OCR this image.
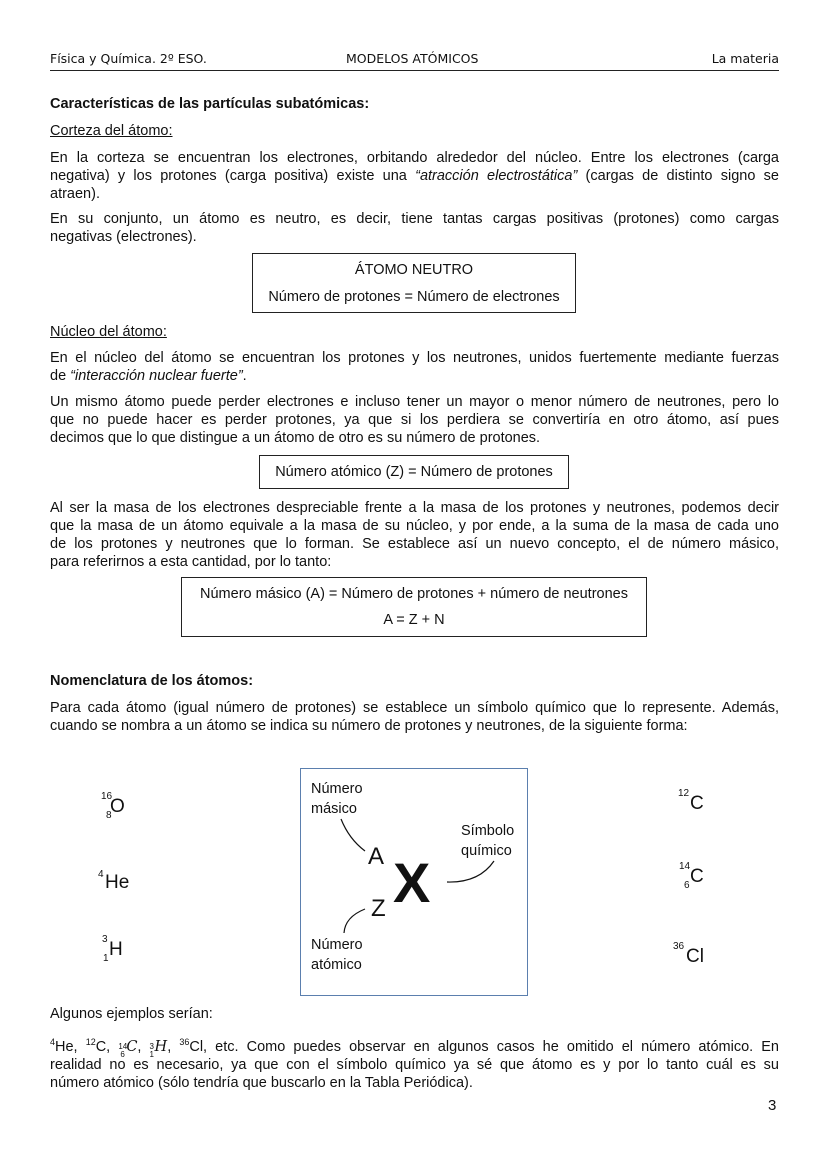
Física y Química. 2º ESO.	MODELOS ATÓMICOS	La materia
Características de las partículas subatómicas:
Corteza del átomo:
En la corteza se encuentran los electrones, orbitando alrededor del núcleo. Entre los electrones (carga
negativa) y los protones (carga positiva) existe una “atracción electrostática” (cargas de distinto signo se
atraen).
En su conjunto, un átomo es neutro, es decir, tiene tantas cargas positivas (protones) como cargas
negativas (electrones).
ÁTOMO NEUTRO
Número de protones = Número de electrones
Núcleo del átomo:
En el núcleo del átomo se encuentran los protones y los neutrones, unidos fuertemente mediante fuerzas
de “interacción nuclear fuerte”.
Un mismo átomo puede perder electrones e incluso tener un mayor o menor número de neutrones, pero lo
que no puede hacer es perder protones, ya que si los perdiera se convertiría en otro átomo, así pues
decimos que lo que distingue a un átomo de otro es su número de protones.
Número atómico (Z) = Número de protones
Al ser la masa de los electrones despreciable frente a la masa de los protones y neutrones, podemos decir
que la masa de un átomo equivale a la masa de su núcleo, y por ende, a la suma de la masa de cada uno
de los protones y neutrones que lo forman. Se establece así un nuevo concepto, el de número másico,
para referirnos a esta cantidad, por lo tanto:
Número másico (A) = Número de protones + número de neutrones
A = Z + N
Nomenclatura de los átomos:
Para cada átomo (igual número de protones) se establece un símbolo químico que lo represente. Además,
cuando se nombra a un átomo se indica su número de protones y neutrones, de la siguiente forma:
16
8
O
4 He
3
1 H
Número
másico
Símbolo
químico
Número
atómico
A
Z X
12 C
14
6 C
36 Cl
Algunos ejemplos serían:
$^4$He, $^{12}$C, 14
6 C, 3
1 H, $^{36}$Cl, etc. Como puedes observar en algunos casos he omitido el número atómico. En
realidad no es necesario, ya que con el símbolo químico ya sé que átomo es y por lo tanto cuál es su
número atómico (sólo tendría que buscarlo en la Tabla Periódica).
3
